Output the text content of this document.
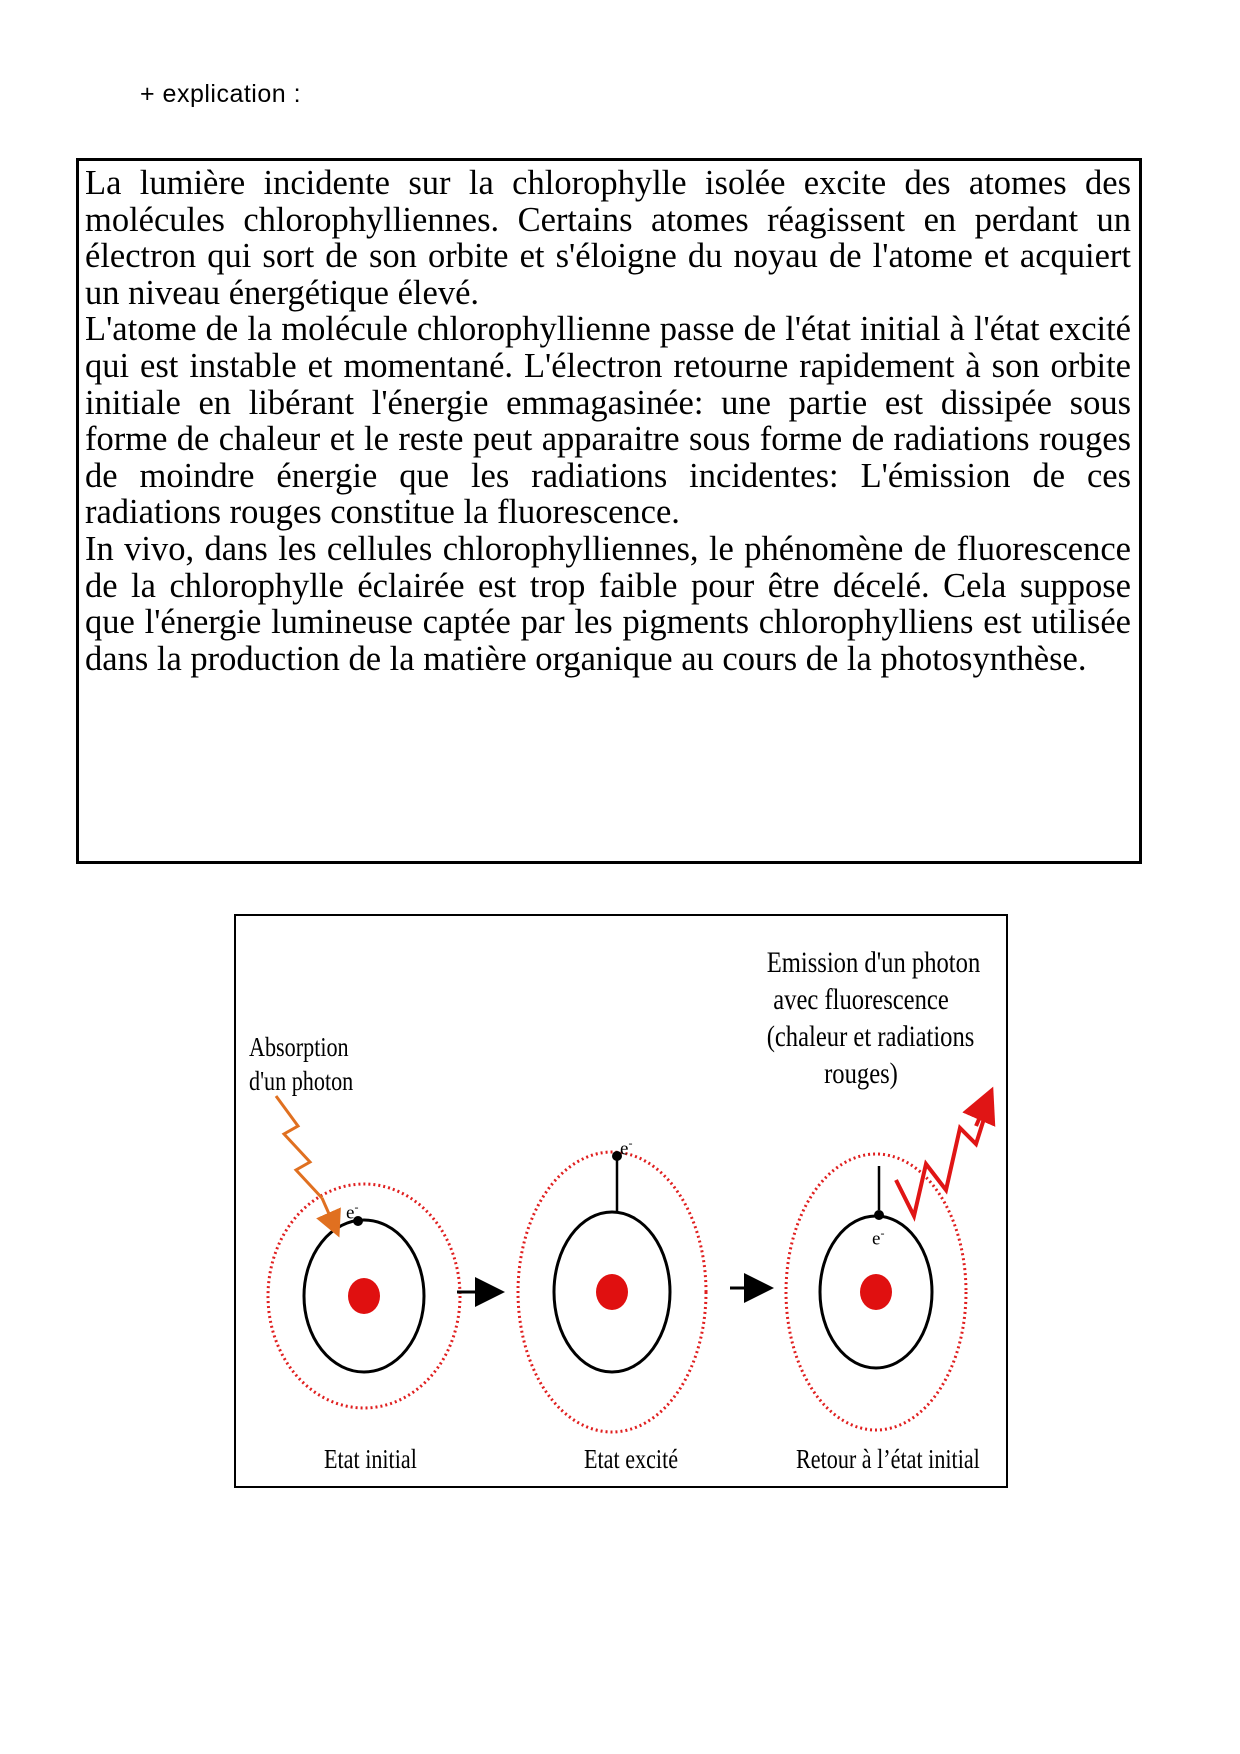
+ explication :

La lumière incidente sur la chlorophylle isolée excite des atomes des molécules chlorophylliennes. Certains atomes réagissent en perdant un électron qui sort de son orbite et s'éloigne du noyau de l'atome et acquiert un niveau énergétique élevé.

L'atome de la molécule chlorophyllienne passe de l'état initial à l'état excité qui est instable et momentané. L'électron retourne rapidement à son orbite initiale en libérant l'énergie emmagasinée: une partie est dissipée sous forme de chaleur et le reste peut apparaitre sous forme de radiations rouges de moindre énergie que les radiations incidentes: L'émission de ces radiations rouges constitue la fluorescence.

In vivo, dans les cellules chlorophylliennes, le phénomène de fluorescence de la chlorophylle éclairée est trop faible pour être décelé. Cela suppose que l'énergie lumineuse captée par les pigments chlorophylliens est utilisée dans la production de la matière organique au cours de la photosynthèse.

Absorption
d'un photon
Emission d'un photon
avec fluorescence
(chaleur et radiations
rouges)
e-
e-
e-
Etat initial	Etat excité	Retour à l’état initial
